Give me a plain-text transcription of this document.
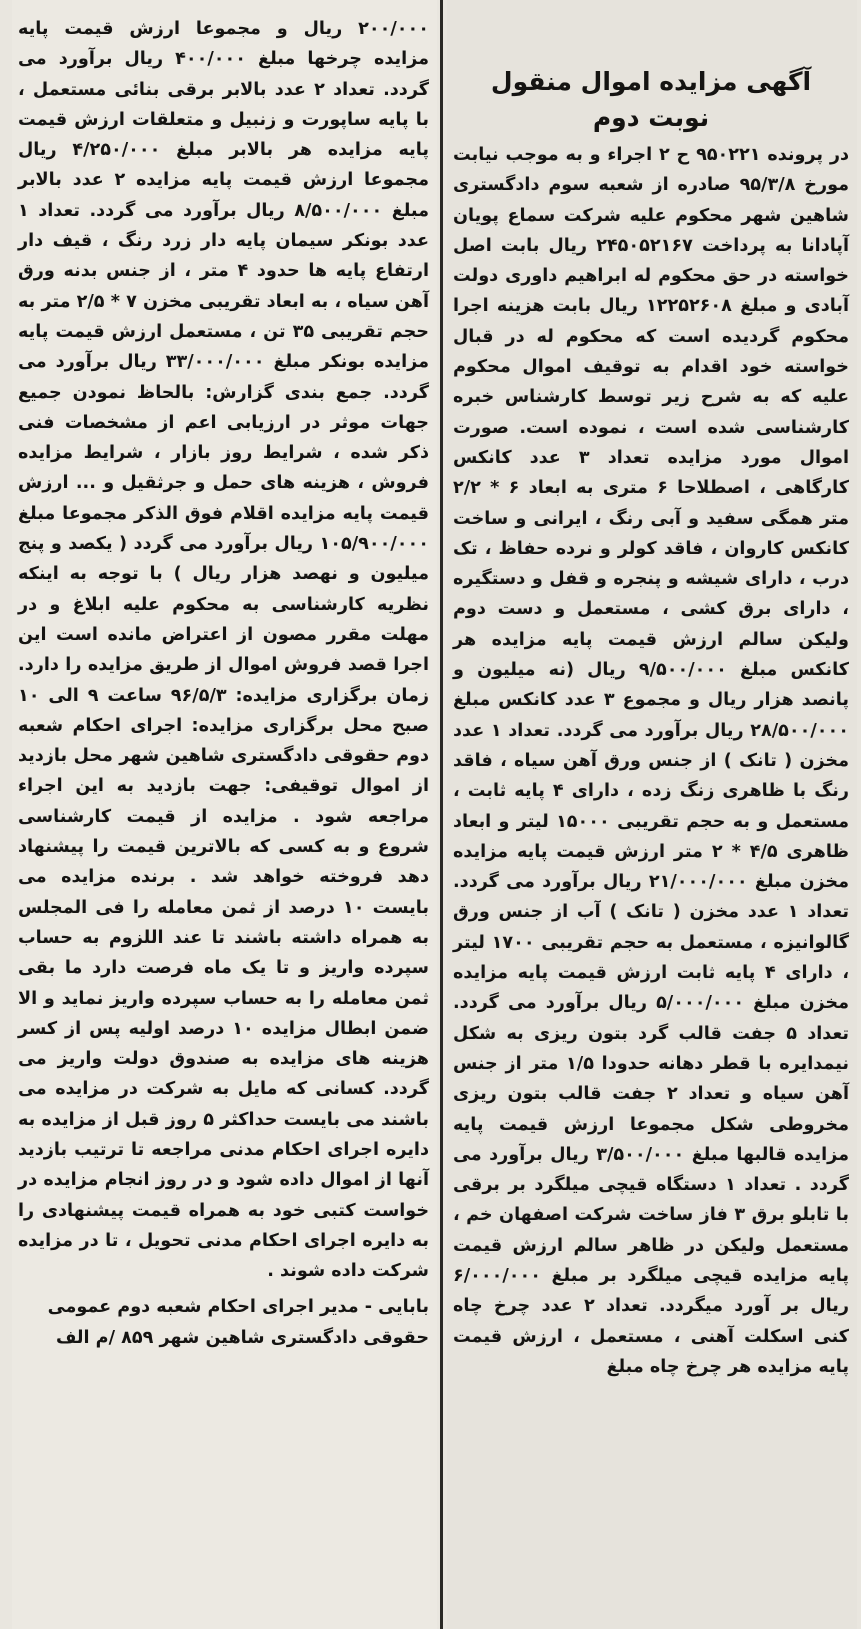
۲۰۰/۰۰۰ ریال و مجموعا ارزش قیمت پایه مزایده چرخها مبلغ ۴۰۰/۰۰۰ ریال برآورد می گردد. تعداد ۲ عدد بالابر برقی بنائی مستعمل ، با پایه ساپورت و زنبیل و متعلقات ارزش قیمت پایه مزایده هر بالابر مبلغ ۴/۲۵۰/۰۰۰ ریال مجموعا ارزش قیمت پایه مزایده ۲ عدد بالابر مبلغ ۸/۵۰۰/۰۰۰ ریال برآورد می گردد. تعداد ۱ عدد بونکر سیمان پایه دار زرد رنگ ، قیف دار ارتفاع پایه ها حدود ۴ متر ، از جنس بدنه ورق آهن سیاه ، به ابعاد تقریبی مخزن ۷ * ۲/۵ متر به حجم تقریبی ۳۵ تن ، مستعمل ارزش قیمت پایه مزایده بونکر مبلغ ۳۳/۰۰۰/۰۰۰ ریال برآورد می گردد. جمع بندی گزارش: بالحاظ نمودن جمیع جهات موثر در ارزیابی اعم از مشخصات فنی ذکر شده ، شرایط روز بازار ، شرایط مزایده فروش ، هزینه های حمل و جرثقیل و ... ارزش قیمت پایه مزایده اقلام فوق الذکر مجموعا مبلغ ۱۰۵/۹۰۰/۰۰۰ ریال برآورد می گردد ( یکصد و پنج میلیون و نهصد هزار ریال ) با توجه به اینکه نظریه کارشناسی به محکوم علیه ابلاغ و در مهلت مقرر مصون از اعتراض مانده است این اجرا قصد فروش اموال از طریق مزایده را دارد. زمان برگزاری مزایده: ۹۶/۵/۳ ساعت ۹ الی ۱۰ صبح محل برگزاری مزایده: اجرای احکام شعبه دوم حقوقی دادگستری شاهین شهر محل بازدید از اموال توقیفی: جهت بازدید به این اجراء مراجعه شود . مزایده از قیمت کارشناسی شروع و به کسی که بالاترین قیمت را پیشنهاد دهد فروخته خواهد شد . برنده مزایده می بایست ۱۰ درصد از ثمن معامله را فی المجلس به همراه داشته باشند تا عند اللزوم به حساب سپرده واریز و تا یک ماه فرصت دارد ما بقی ثمن معامله را به حساب سپرده واریز نماید و الا ضمن ابطال مزایده ۱۰ درصد اولیه پس از کسر هزینه های مزایده به صندوق دولت واریز می گردد. کسانی که مایل به شرکت در مزایده می باشند می بایست حداکثر ۵ روز قبل از مزایده به دایره اجرای احکام مدنی مراجعه تا ترتیب بازدید آنها از اموال داده شود و در روز انجام مزایده در خواست کتبی خود به همراه قیمت پیشنهادی را به دایره اجرای احکام مدنی تحویل ، تا در مزایده شرکت داده شوند .

بابایی - مدیر اجرای احکام شعبه دوم عمومی حقوقی دادگستری شاهین شهر ۸۵۹ /م الف

آگهی مزایده اموال منقول
نوبت دوم

در پرونده ۹۵۰۲۲۱ ح ۲ اجراء و به موجب نیابت مورخ ۹۵/۳/۸ صادره از شعبه سوم دادگستری شاهین شهر محکوم علیه شرکت سماع پویان آپادانا به پرداخت ۲۴۵۰۵۲۱۶۷ ریال بابت اصل خواسته در حق محکوم له ابراهیم داوری دولت آبادی و مبلغ ۱۲۲۵۲۶۰۸ ریال بابت هزینه اجرا محکوم گردیده است که محکوم له در قبال خواسته خود اقدام به توقیف اموال محکوم علیه که به شرح زیر توسط کارشناس خبره کارشناسی شده است ، نموده است. صورت اموال مورد مزایده تعداد ۳ عدد کانکس کارگاهی ، اصطلاحا ۶ متری به ابعاد ۶ * ۲/۲ متر همگی سفید و آبی رنگ ، ایرانی و ساخت کانکس کاروان ، فاقد کولر و نرده حفاظ ، تک درب ، دارای شیشه و پنجره و قفل و دستگیره ، دارای برق کشی ، مستعمل و دست دوم ولیکن سالم ارزش قیمت پایه مزایده هر کانکس مبلغ ۹/۵۰۰/۰۰۰ ریال (نه میلیون و پانصد هزار ریال و مجموع ۳ عدد کانکس مبلغ ۲۸/۵۰۰/۰۰۰ ریال برآورد می گردد. تعداد ۱ عدد مخزن ( تانک ) از جنس ورق آهن سیاه ، فاقد رنگ با ظاهری زنگ زده ، دارای ۴ پایه ثابت ، مستعمل و به حجم تقریبی ۱۵۰۰۰ لیتر و ابعاد ظاهری ۴/۵ * ۲ متر ارزش قیمت پایه مزایده مخزن مبلغ ۲۱/۰۰۰/۰۰۰ ریال برآورد می گردد. تعداد ۱ عدد مخزن ( تانک ) آب از جنس ورق گالوانیزه ، مستعمل به حجم تقریبی ۱۷۰۰ لیتر ، دارای ۴ پایه ثابت ارزش قیمت پایه مزایده مخزن مبلغ ۵/۰۰۰/۰۰۰ ریال برآورد می گردد. تعداد ۵ جفت قالب گرد بتون ریزی به شکل نیمدایره با قطر دهانه حدودا ۱/۵ متر از جنس آهن سیاه و تعداد ۲ جفت قالب بتون ریزی مخروطی شکل مجموعا ارزش قیمت پایه مزایده قالبها مبلغ ۳/۵۰۰/۰۰۰ ریال برآورد می گردد . تعداد ۱ دستگاه قیچی میلگرد بر برقی با تابلو برق ۳ فاز ساخت شرکت اصفهان خم ، مستعمل ولیکن در ظاهر سالم ارزش قیمت پایه مزایده قیچی میلگرد بر مبلغ ۶/۰۰۰/۰۰۰ ریال بر آورد میگردد. تعداد ۲ عدد چرخ چاه کنی اسکلت آهنی ، مستعمل ، ارزش قیمت پایه مزایده هر چرخ چاه مبلغ
